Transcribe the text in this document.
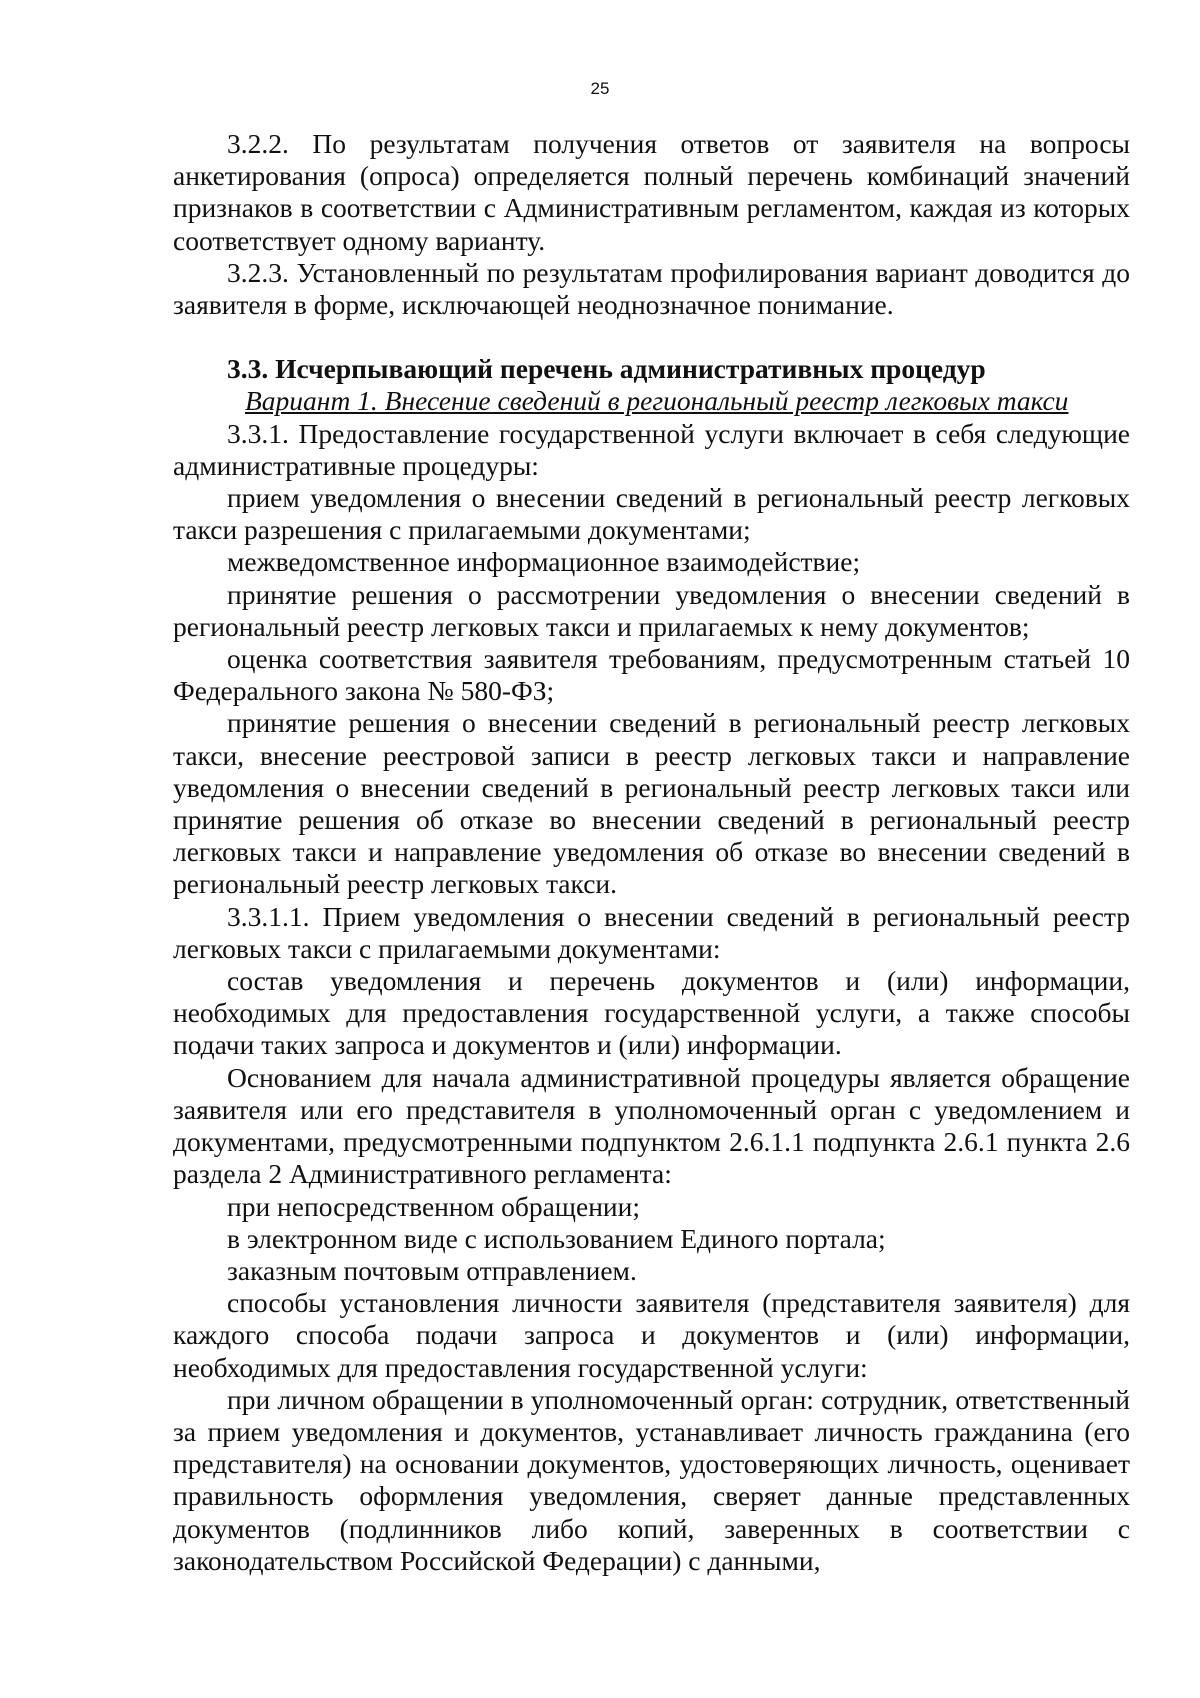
25

3.2.2. По результатам получения ответов от заявителя на вопросы анкетирования (опроса) определяется полный перечень комбинаций значений признаков в соответствии с Административным регламентом, каждая из которых соответствует одному варианту.

3.2.3. Установленный по результатам профилирования вариант доводится до заявителя в форме, исключающей неоднозначное понимание.

3.3. Исчерпывающий перечень административных процедур

Вариант 1. Внесение сведений в региональный реестр легковых такси

3.3.1. Предоставление государственной услуги включает в себя следующие административные процедуры:

прием уведомления о внесении сведений в региональный реестр легковых такси разрешения с прилагаемыми документами;

межведомственное информационное взаимодействие;

принятие решения о рассмотрении уведомления о внесении сведений в региональный реестр легковых такси и прилагаемых к нему документов;

оценка соответствия заявителя требованиям, предусмотренным статьей 10 Федерального закона № 580-ФЗ;

принятие решения о внесении сведений в региональный реестр легковых такси, внесение реестровой записи в реестр легковых такси и направление уведомления о внесении сведений в региональный реестр легковых такси или принятие решения об отказе во внесении сведений в региональный реестр легковых такси и направление уведомления об отказе во внесении сведений в региональный реестр легковых такси.

3.3.1.1. Прием уведомления о внесении сведений в региональный реестр легковых такси с прилагаемыми документами:

состав уведомления и перечень документов и (или) информации, необходимых для предоставления государственной услуги, а также способы подачи таких запроса и документов и (или) информации.

Основанием для начала административной процедуры является обращение заявителя или его представителя в уполномоченный орган с уведомлением и документами, предусмотренными подпунктом 2.6.1.1 подпункта 2.6.1 пункта 2.6 раздела 2 Административного регламента:

при непосредственном обращении;

в электронном виде с использованием Единого портала;

заказным почтовым отправлением.

способы установления личности заявителя (представителя заявителя) для каждого способа подачи запроса и документов и (или) информации, необходимых для предоставления государственной услуги:

при личном обращении в уполномоченный орган: сотрудник, ответственный за прием уведомления и документов, устанавливает личность гражданина (его представителя) на основании документов, удостоверяющих личность, оценивает правильность оформления уведомления, сверяет данные представленных документов (подлинников либо копий, заверенных в соответствии с законодательством Российской Федерации) с данными,
